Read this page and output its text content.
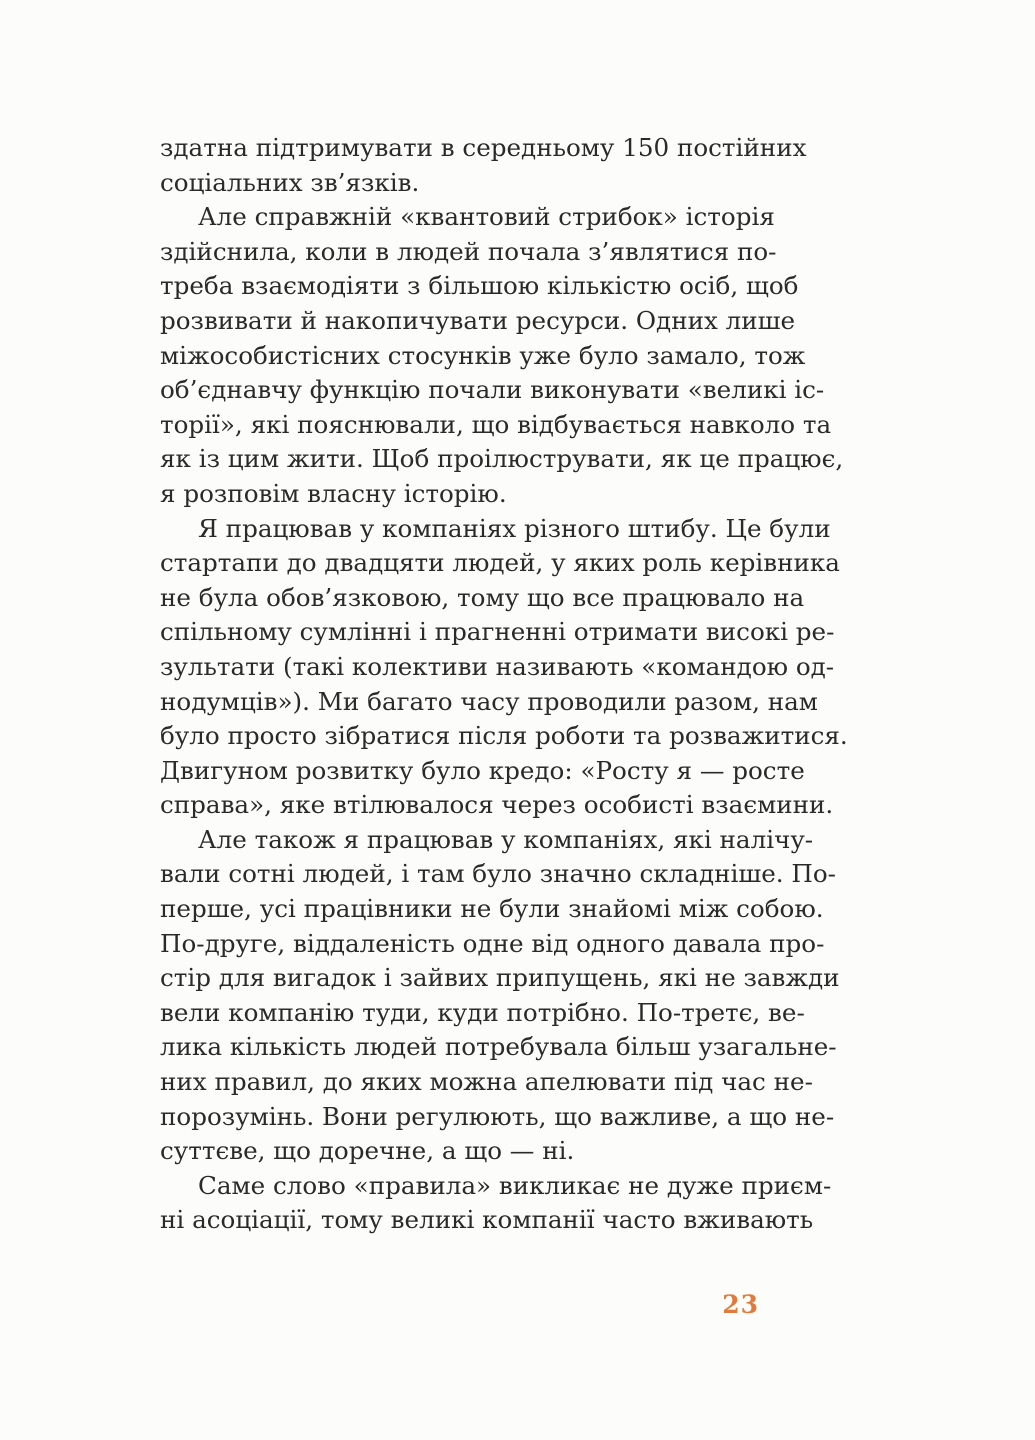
здатна підтримувати в середньому 150 постійних
соціальних зв’язків.
Але справжній «квантовий стрибок» історія
здійснила, коли в людей почала з’являтися по-
треба взаємодіяти з більшою кількістю осіб, щоб
розвивати й накопичувати ресурси. Одних лише
міжособистісних стосунків уже було замало, тож
об’єднавчу функцію почали виконувати «великі іс-
торії», які пояснювали, що відбувається навколо та
як із цим жити. Щоб проілюструвати, як це працює,
я розповім власну історію.
Я працював у компаніях різного штибу. Це були
стартапи до двадцяти людей, у яких роль керівника
не була обов’язковою, тому що все працювало на
спільному сумлінні і прагненні отримати високі ре-
зультати (такі колективи називають «командою од-
нодумців»). Ми багато часу проводили разом, нам
було просто зібратися після роботи та розважитися.
Двигуном розвитку було кредо: «Росту я — росте
справа», яке втілювалося через особисті взаємини.
Але також я працював у компаніях, які налічу-
вали сотні людей, і там було значно складніше. По-
перше, усі працівники не були знайомі між собою.
По-друге, віддаленість одне від одного давала про-
стір для вигадок і зайвих припущень, які не завжди
вели компанію туди, куди потрібно. По-третє, ве-
лика кількість людей потребувала більш узагальне-
них правил, до яких можна апелювати під час не-
порозумінь. Вони регулюють, що важливе, а що не-
суттєве, що доречне, а що — ні.
Саме слово «правила» викликає не дуже приєм-
ні асоціації, тому великі компанії часто вживають
23
